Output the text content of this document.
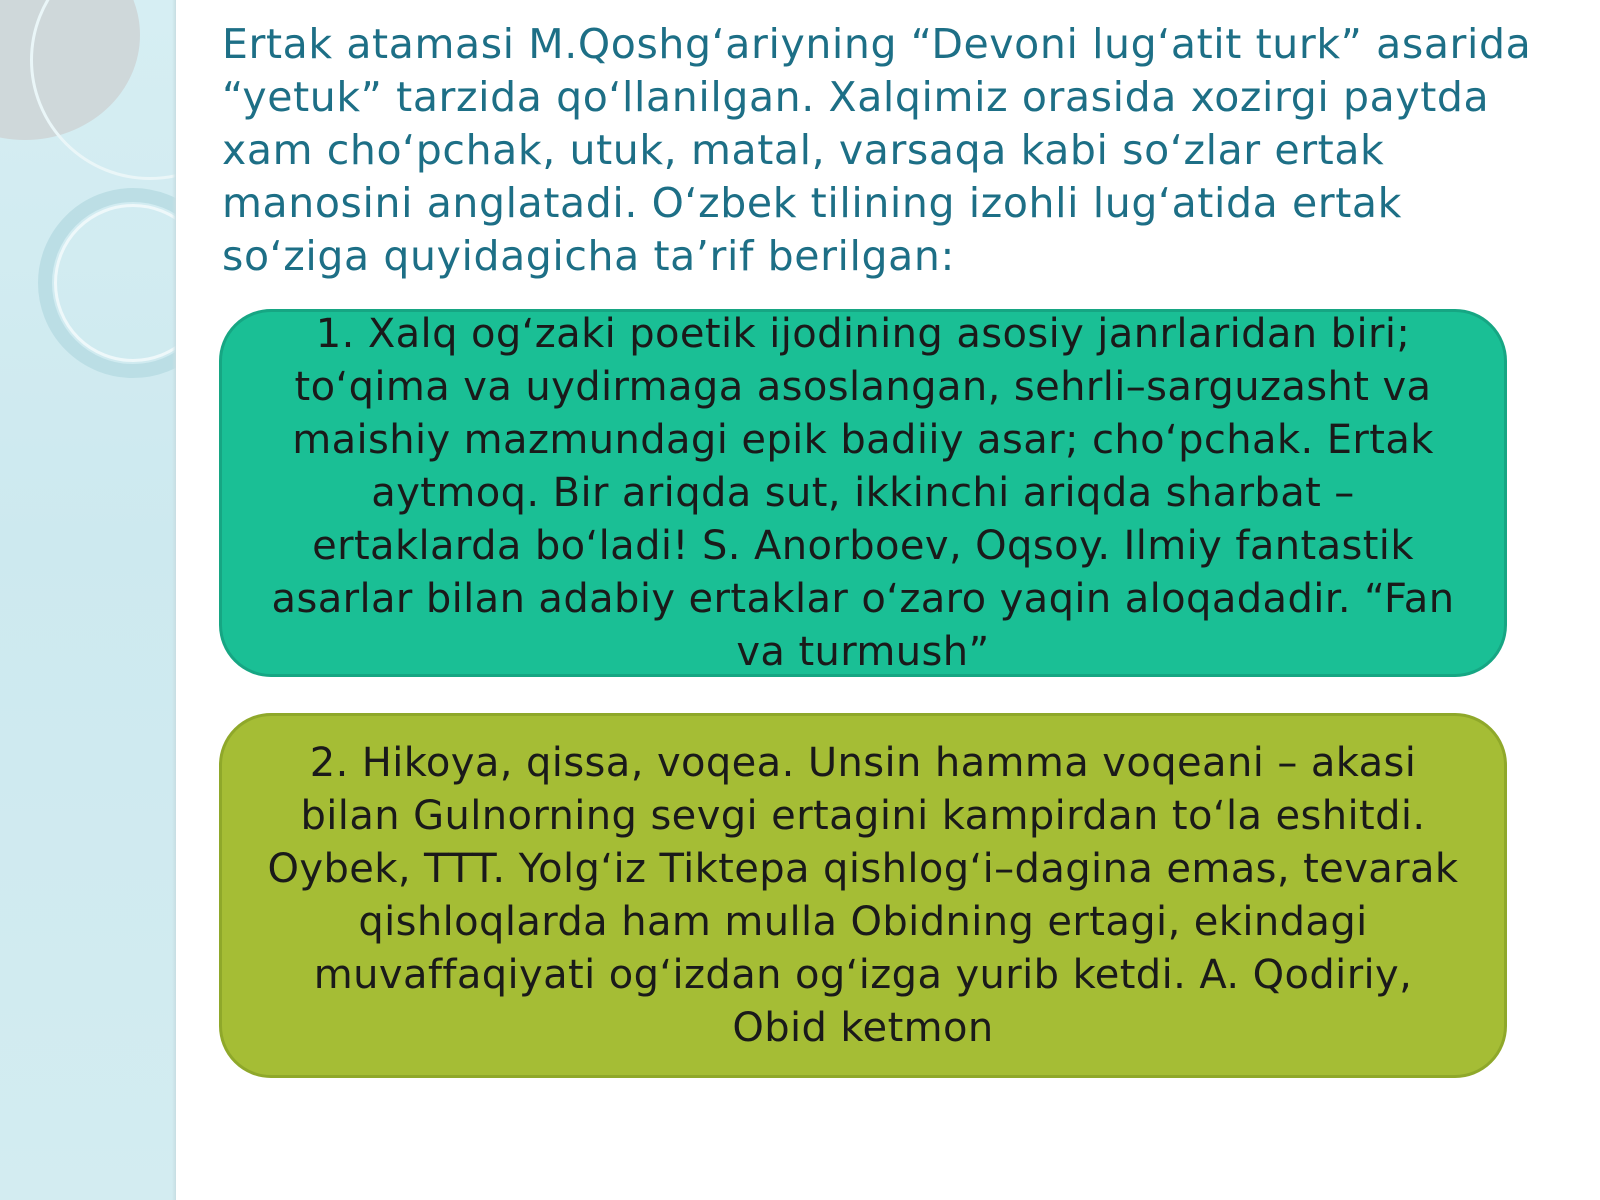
Ertak atamasi M.Qoshg‘ariyning “Devoni lug‘atit turk” asarida “yetuk” tarzida qo‘llanilgan. Xalqimiz orasida xozirgi paytda xam cho‘pchak, utuk, matal, varsaqa kabi so‘zlar ertak manosini anglatadi. O‘zbek tilining izohli lug‘atida ertak so‘ziga quyidagicha ta’rif berilgan:

1. Xalq og‘zaki poetik ijodining asosiy janrlaridan biri; to‘qima va uydirmaga asoslangan, sehrli–sarguzasht va maishiy mazmundagi epik badiiy asar; cho‘pchak. Ertak aytmoq. Bir ariqda sut, ikkinchi ariqda sharbat – ertaklarda bo‘ladi! S. Anorboev, Oqsoy. Ilmiy fantastik asarlar bilan adabiy ertaklar o‘zaro yaqin aloqadadir. “Fan va turmush”

2. Hikoya, qissa, voqea. Unsin hamma voqeani – akasi bilan Gulnorning sevgi ertagini kampirdan to‘la eshitdi. Oybek, TTT. Yolg‘iz Tiktepa qishlog‘i–dagina emas, tevarak qishloqlarda ham mulla Obidning ertagi, ekindagi muvaffaqiyati og‘izdan og‘izga yurib ketdi. A. Qodiriy, Obid ketmon
